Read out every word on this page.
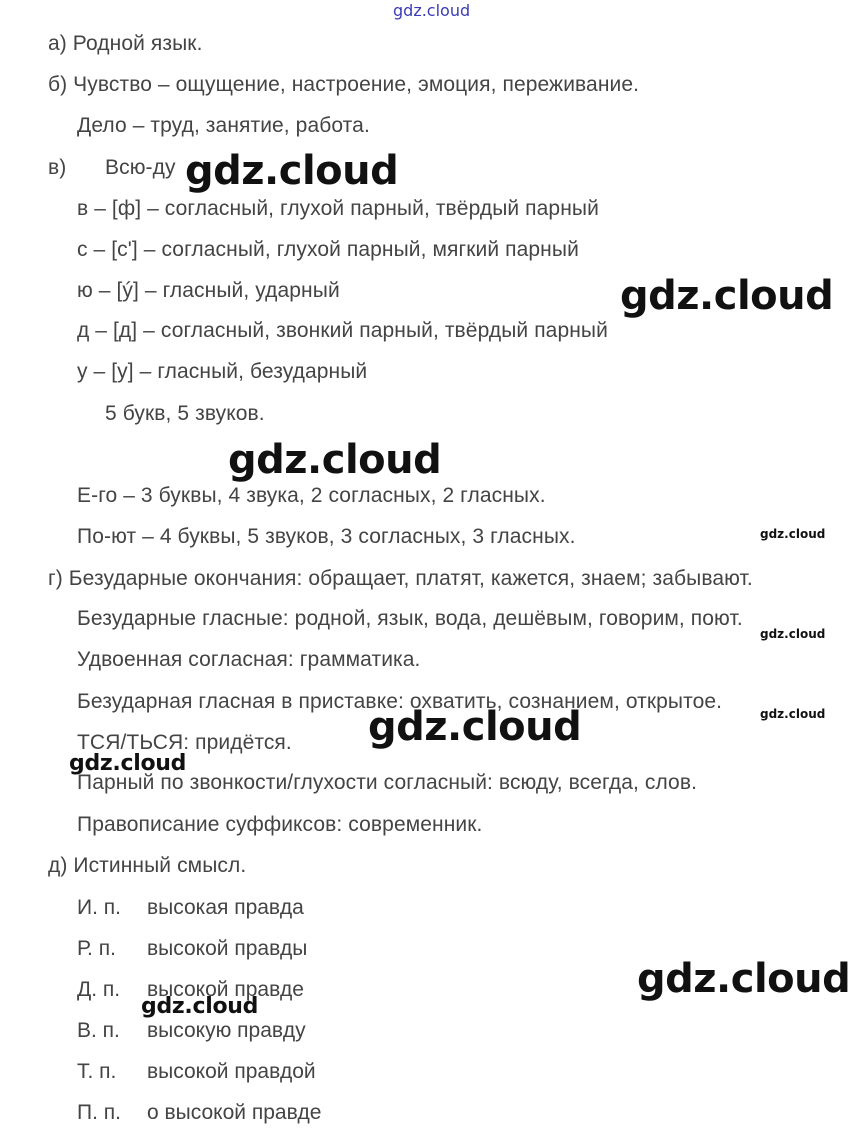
gdz.cloud
а) Родной язык.
б) Чувство – ощущение, настроение, эмоция, переживание.
Дело – труд, занятие, работа.
в) Всю-ду
в – [ф] – согласный, глухой парный, твёрдый парный
с – [с'] – согласный, глухой парный, мягкий парный
ю – [ý] – гласный, ударный
д – [д] – согласный, звонкий парный, твёрдый парный
у – [у] – гласный, безударный
5 букв, 5 звуков.
Е-го – 3 буквы, 4 звука, 2 согласных, 2 гласных.
По-ют – 4 буквы, 5 звуков, 3 согласных, 3 гласных.
г) Безударные окончания: обращает, платят, кажется, знаем; забывают.
Безударные гласные: родной, язык, вода, дешёвым, говорим, поют.
Удвоенная согласная: грамматика.
Безударная гласная в приставке: охватить, сознанием, открытое.
ТСЯ/ТЬСЯ: придётся.
Парный по звонкости/глухости согласный: всюду, всегда, слов.
Правописание суффиксов: современник.
д) Истинный смысл.
И. п. высокая правда
Р. п. высокой правды
Д. п. высокой правде
В. п. высокую правду
Т. п. высокой правдой
П. п. о высокой правде
gdz.cloud
gdz.cloud
gdz.cloud
gdz.cloud
gdz.cloud
gdz.cloud
gdz.cloud
gdz.cloud
gdz.cloud
gdz.cloud
